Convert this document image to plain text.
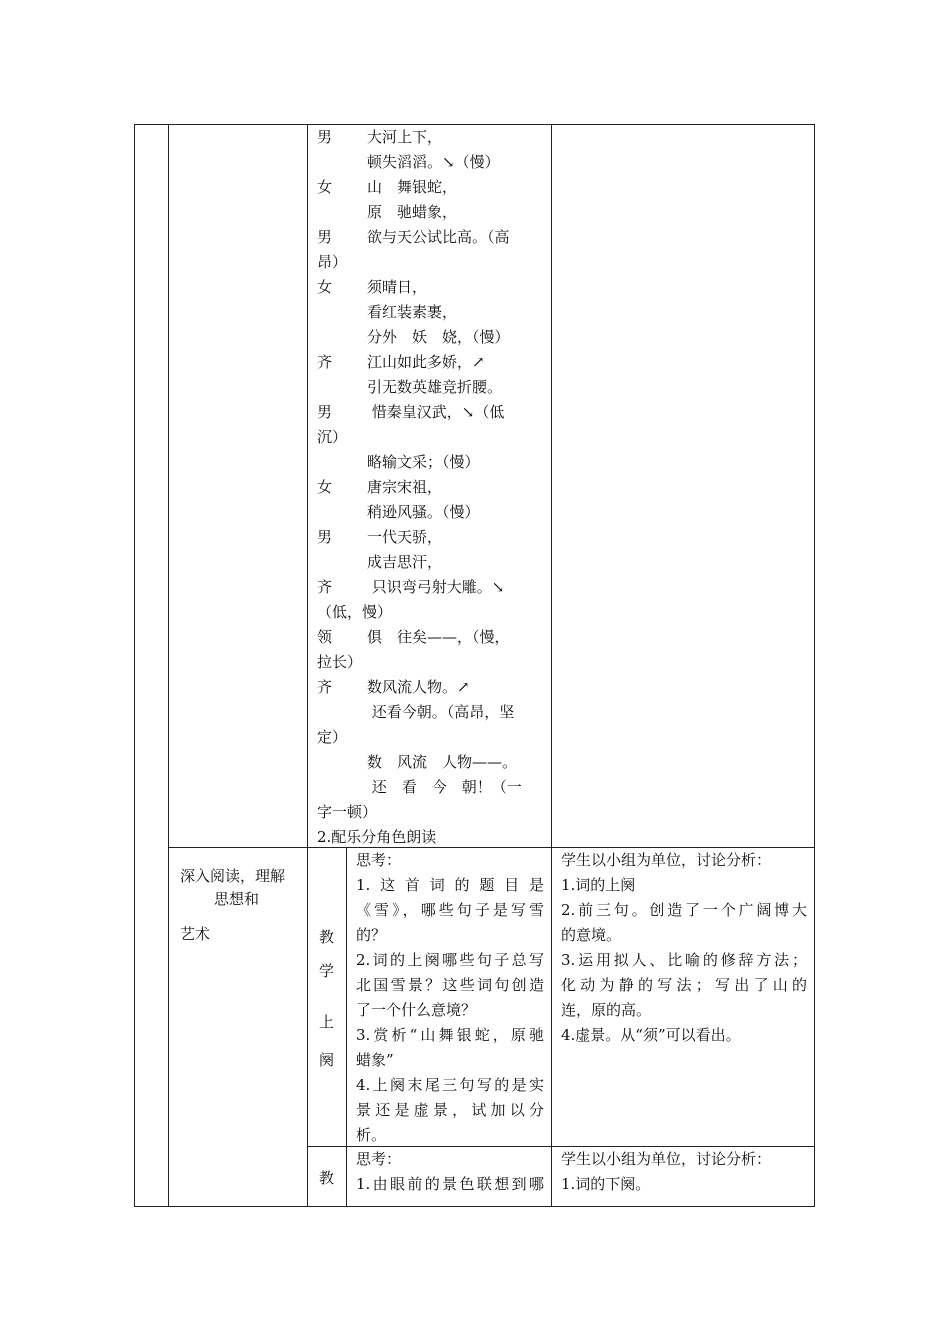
男 大河上下，
顿失滔滔。↘（慢）
女 山　舞银蛇，
原　驰蜡象，
男 欲与天公试比高。（高
昂）
女 须晴日，
看红装素裹，
分外　妖　娆，（慢）
齐 江山如此多娇，↗
引无数英雄竞折腰。
男 惜秦皇汉武，↘（低
沉）
略输文采；（慢）
女 唐宗宋祖，
稍逊风骚。（慢）
男 一代天骄，
成吉思汗，
齐 只识弯弓射大雕。↘
（低，慢）
领 俱　往矣——，（慢，
拉长）
齐 数风流人物。↗
还看今朝。（高昂，坚
定）
数　风流　人物——。
还　看　今　朝！（一
字一顿）
2.配乐分角色朗读
深入阅读，理解
思想和
艺术	教
学
上
阕
思考：
1.这首词的题目是
《雪》，哪些句子是写雪
的？
2.词的上阕哪些句子总写
北国雪景？这些词句创造
了一个什么意境？
3.赏析“山舞银蛇，原驰
蜡象”
4.上阕末尾三句写的是实
景还是虚景，试加以分
析。
学生以小组为单位，讨论分析：
1.词的上阕
2.前三句。创造了一个广阔博大
的意境。
3.运用拟人、比喻的修辞方法；
化动为静的写法；写出了山的
连，原的高。
4.虚景。从“须”可以看出。
教
思考：
1.由眼前的景色联想到哪
学生以小组为单位，讨论分析：
1.词的下阕。
